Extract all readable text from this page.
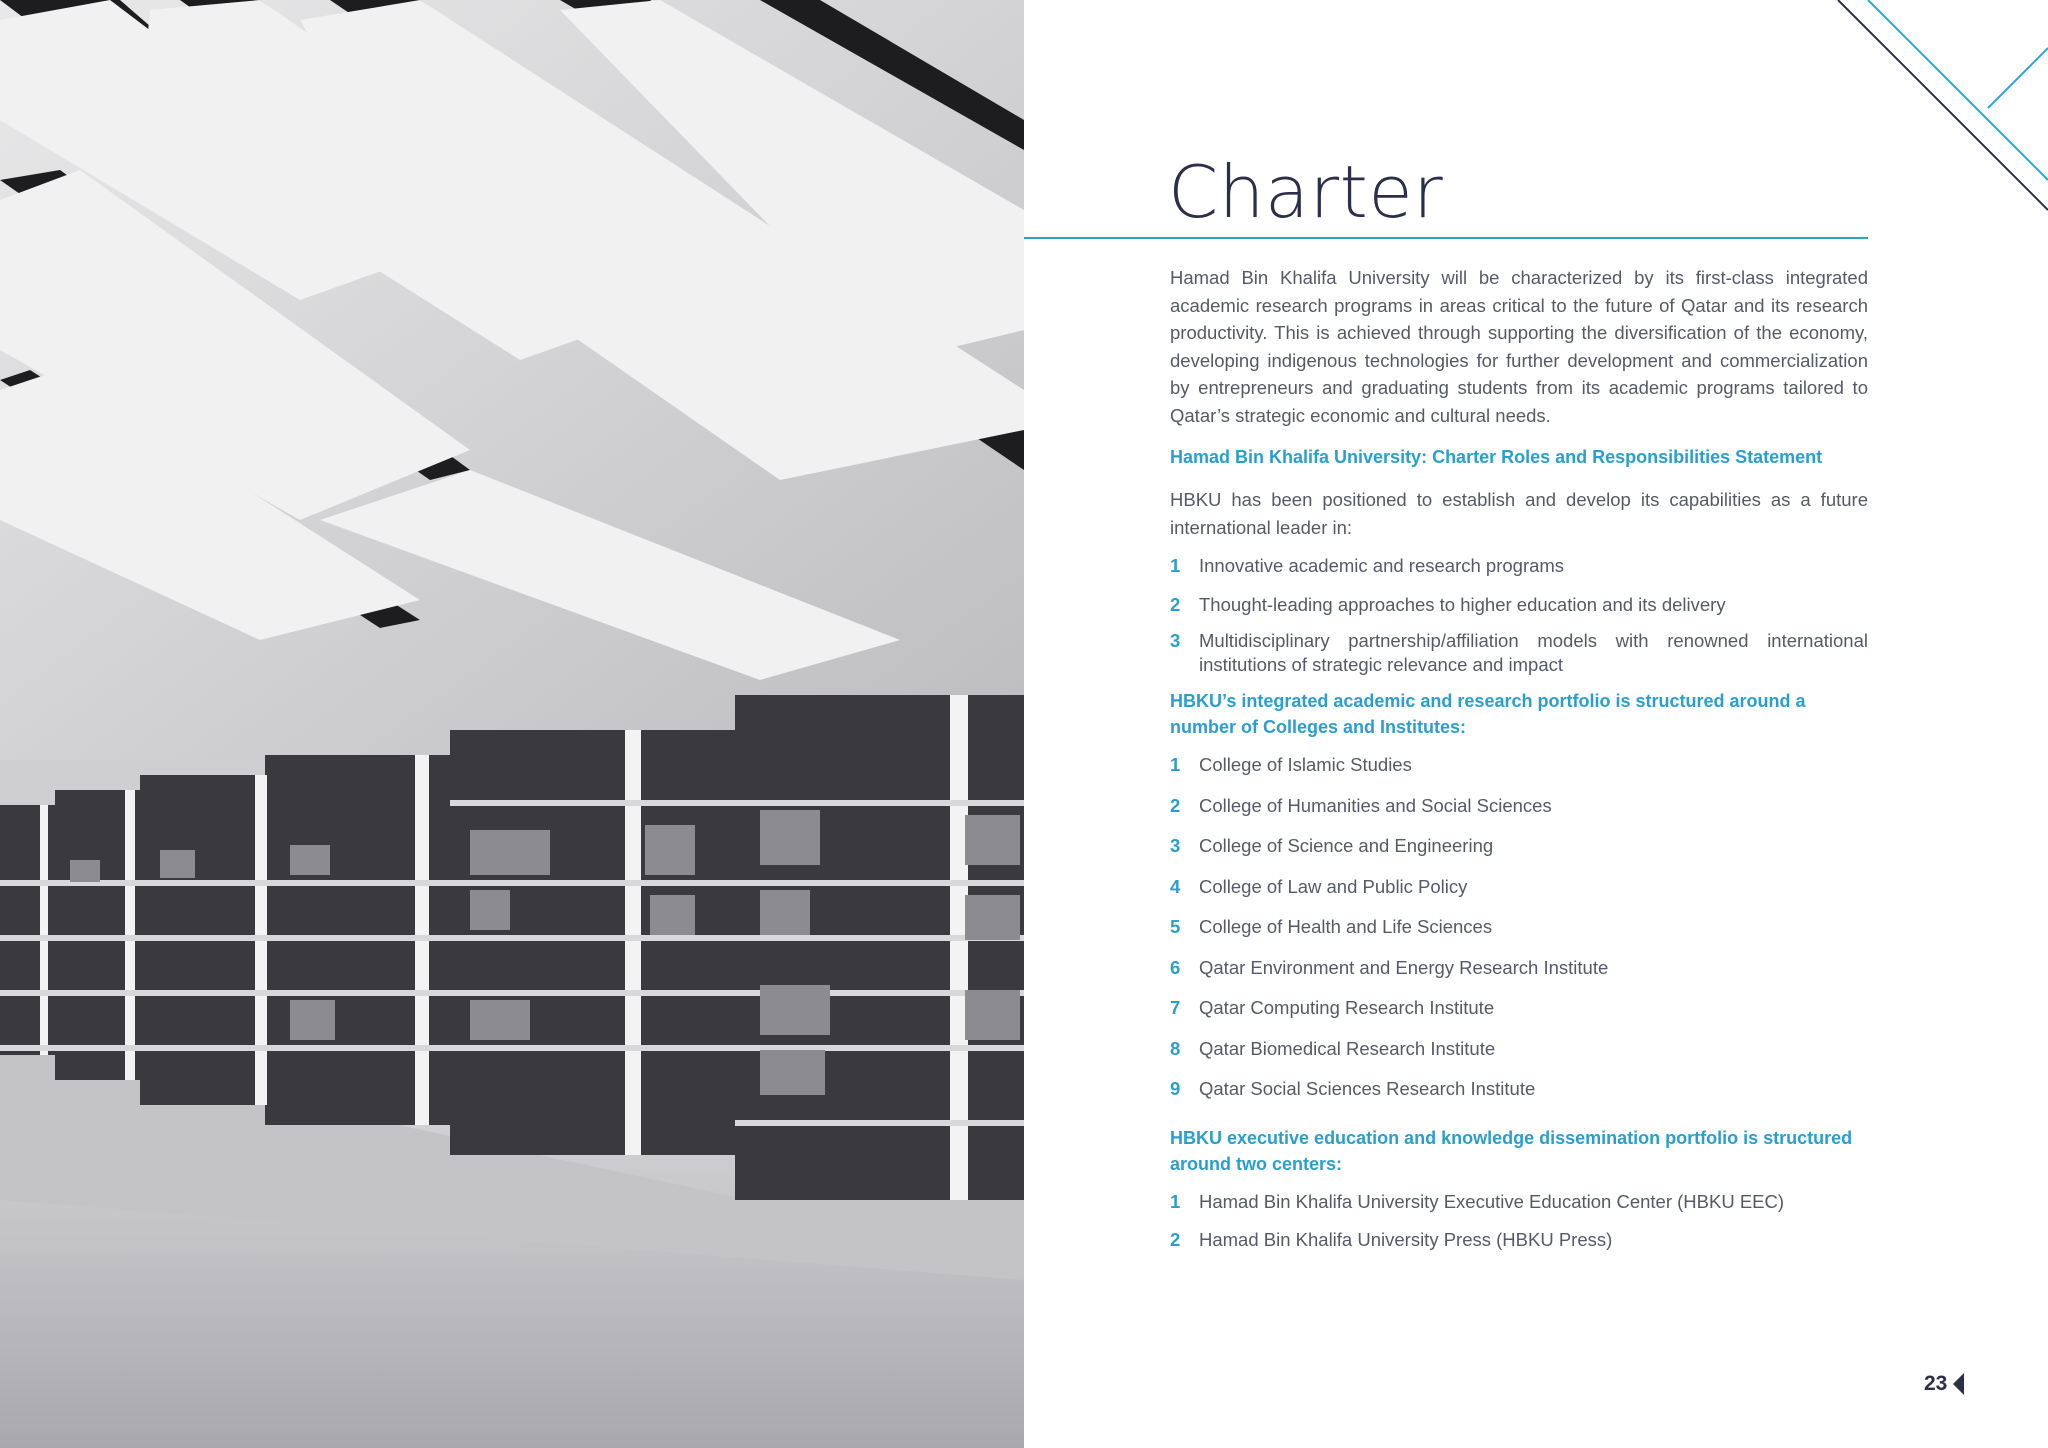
Charter

Hamad Bin Khalifa University will be characterized by its first-class integrated academic research programs in areas critical to the future of Qatar and its research productivity. This is achieved through supporting the diversification of the economy, developing indigenous technologies for further development and commercialization by entrepreneurs and graduating students from its academic programs tailored to Qatar’s strategic economic and cultural needs.

Hamad Bin Khalifa University: Charter Roles and Responsibilities Statement

HBKU has been positioned to establish and develop its capabilities as a future international leader in:

1	Innovative academic and research programs
2	Thought-leading approaches to higher education and its delivery
3	Multidisciplinary partnership/affiliation models with renowned international institutions of strategic relevance and impact

HBKU’s integrated academic and research portfolio is structured around a number of Colleges and Institutes:

1	College of Islamic Studies
2	College of Humanities and Social Sciences
3	College of Science and Engineering
4	College of Law and Public Policy
5	College of Health and Life Sciences
6	Qatar Environment and Energy Research Institute
7	Qatar Computing Research Institute
8	Qatar Biomedical Research Institute
9	Qatar Social Sciences Research Institute

HBKU executive education and knowledge dissemination portfolio is structured around two centers:

1	Hamad Bin Khalifa University Executive Education Center (HBKU EEC)
2	Hamad Bin Khalifa University Press (HBKU Press)
23
